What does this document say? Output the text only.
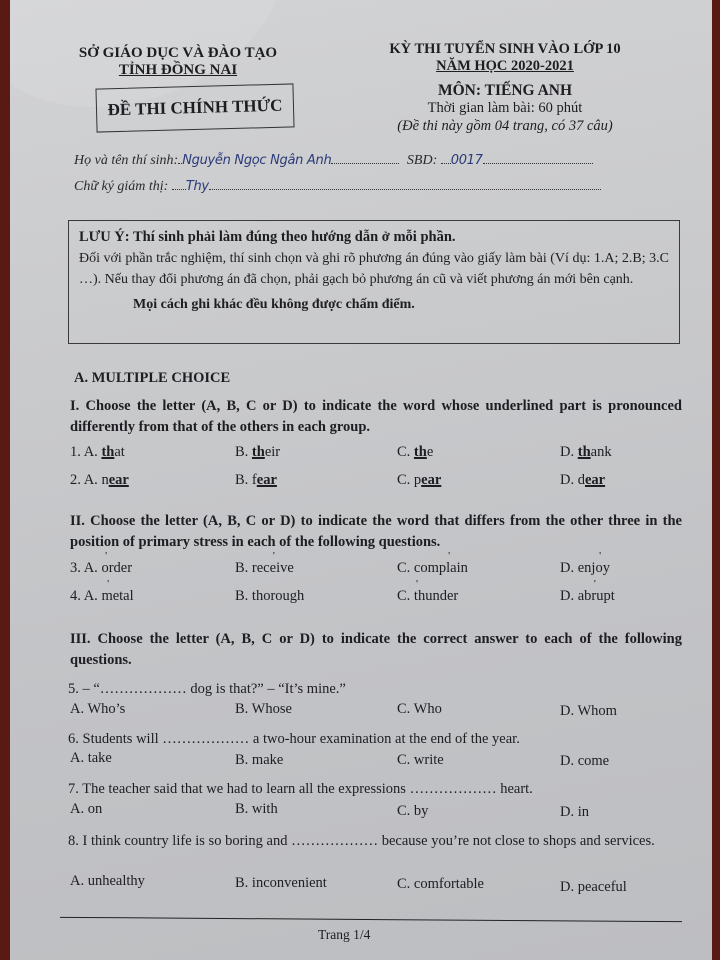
SỞ GIÁO DỤC VÀ ĐÀO TẠO
TỈNH ĐỒNG NAI
ĐỀ THI CHÍNH THỨC
KỲ THI TUYỂN SINH VÀO LỚP 10
NĂM HỌC 2020-2021
MÔN: TIẾNG ANH
Thời gian làm bài: 60 phút
(Đề thi này gồm 04 trang, có 37 câu)
Họ và tên thí sinh: Nguyễn Ngọc Ngân Anh	SBD: 0017
Chữ ký giám thị: Thy
LƯU Ý: Thí sinh phải làm đúng theo hướng dẫn ở mỗi phần.
Đối với phần trắc nghiệm, thí sinh chọn và ghi rõ phương án đúng vào giấy làm bài (Ví dụ: 1.A; 2.B; 3.C …). Nếu thay đổi phương án đã chọn, phải gạch bỏ phương án cũ và viết phương án mới bên cạnh.
Mọi cách ghi khác đều không được chấm điểm.
A. MULTIPLE CHOICE
I. Choose the letter (A, B, C or D) to indicate the word whose underlined part is pronounced differently from that of the others in each group.
1. A. that	B. their	C. the	D. thank
2. A. near	B. fear	C. pear	D. dear
II. Choose the letter (A, B, C or D) to indicate the word that differs from the other three in the position of primary stress in each of the following questions.
3. A. ' order	B. rec' eive	C. comp' lain	D. enj' oy
4. A. ' metal	B. thorough	C. ' thunder	D. ab' rupt
III. Choose the letter (A, B, C or D) to indicate the correct answer to each of the following questions.
5. – “……………… dog is that?” – “It’s mine.”
A. Who’s	B. Whose	C. Who	D. Whom
6. Students will ……………… a two-hour examination at the end of the year.
A. take	B. make	C. write	D. come
7. The teacher said that we had to learn all the expressions ……………… heart.
A. on	B. with	C. by	D. in
8. I think country life is so boring and ……………… because you’re not close to shops and services.
A. unhealthy	B. inconvenient	C. comfortable	D. peaceful
Trang 1/4
